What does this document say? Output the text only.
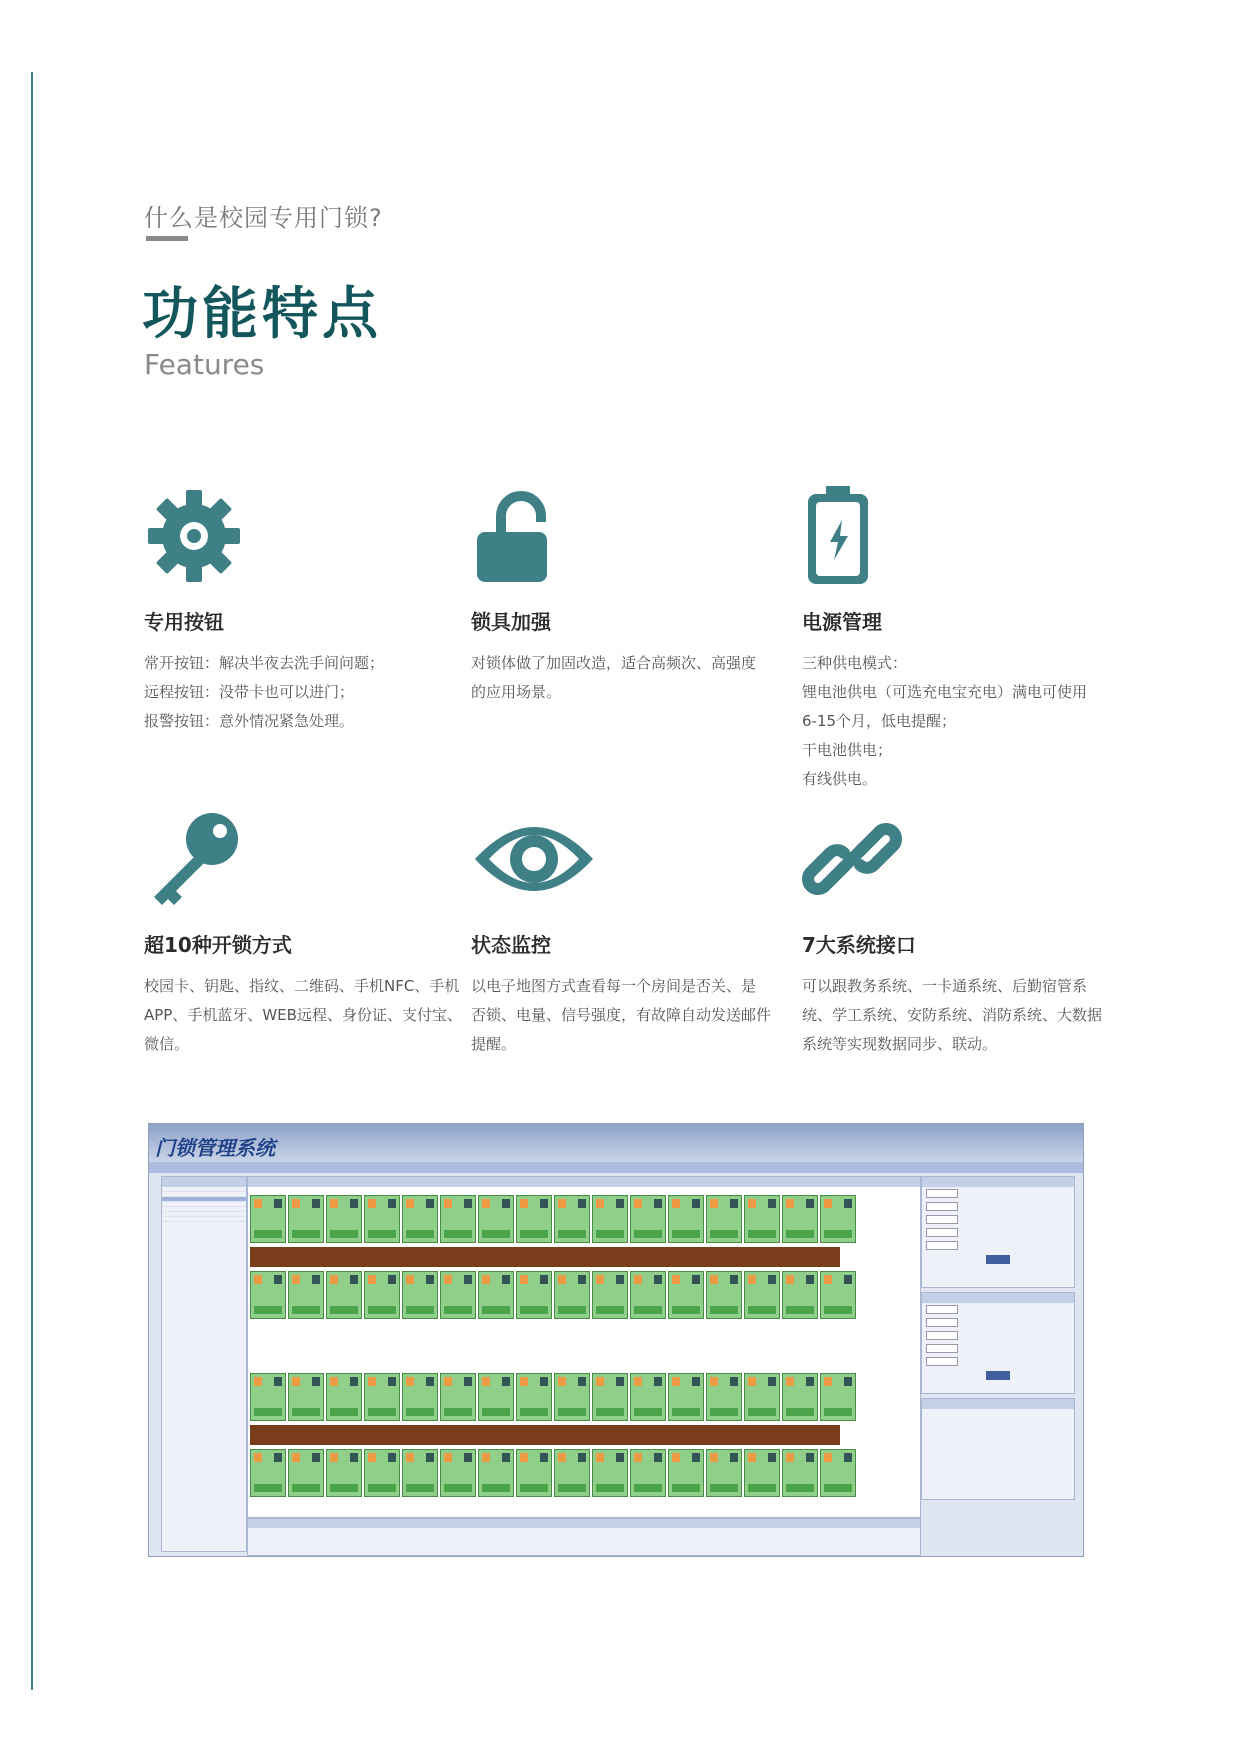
什么是校园专用门锁?
功能特点
Features
专用按钮
常开按钮：解决半夜去洗手间问题；
远程按钮：没带卡也可以进门；
报警按钮：意外情况紧急处理。
锁具加强
对锁体做了加固改造，适合高频次、高强度
的应用场景。
电源管理
三种供电模式：
锂电池供电（可选充电宝充电）满电可使用
6-15个月，低电提醒；
干电池供电；
有线供电。
超10种开锁方式
校园卡、钥匙、指纹、二维码、手机NFC、手机
APP、手机蓝牙、WEB远程、身份证、支付宝、
微信。
状态监控
以电子地图方式查看每一个房间是否关、是
否锁、电量、信号强度，有故障自动发送邮件
提醒。
7大系统接口
可以跟教务系统、一卡通系统、后勤宿管系
统、学工系统、安防系统、消防系统、大数据
系统等实现数据同步、联动。
门锁管理系统
